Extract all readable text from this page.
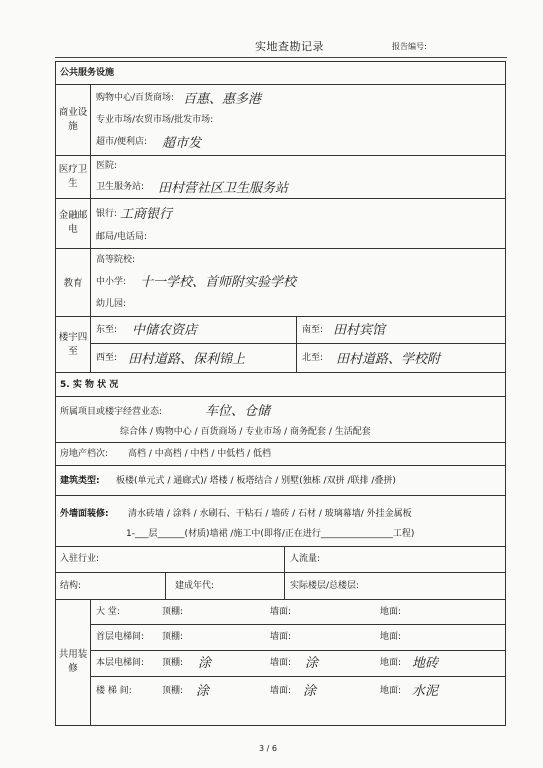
实地查勘记录	报告编号:
公共服务设施
商业设施
购物中心/百货商场: 百惠、惠多港
专业市场/农贸市场/批发市场:
超市/便利店: 超市发
医疗卫生
医院:
卫生服务站: 田村营社区卫生服务站
金融邮电
银行: 工商银行
邮局/电话局:
教育
高等院校:
中小学: 十一学校、首师附实验学校
幼儿园:
楼宇四至
东至: 中储农资店	南至: 田村宾馆
西至: 田村道路、保利锦上	北至: 田村道路、学校附
5. 实 物 状 况
所属项目或楼宇经营业态:	车位、仓储
综合体 / 购物中心 / 百货商场 / 专业市场 / 商务配套 / 生活配套
房地产档次: 高档 / 中高档 / 中档 / 中低档 / 低档
建筑类型: 板楼(单元式 / 通廊式)/ 塔楼 / 板塔结合 / 别墅(独栋 /双拼 /联排 /叠拼)
外墙面装修: 清水砖墙 / 涂料 / 水刷石、干粘石 / 墙砖 / 石材 / 玻璃幕墙/ 外挂金属板
1-___层______(材质)墙裙 /施工中(即将/正在进行________________工程)
入驻行业:	人流量:
结构:	建成年代:	实际楼层/总楼层:
共用装修
大 堂:	顶棚:	墙面:	地面:
首层电梯间: 顶棚:	墙面:	地面:
本层电梯间: 顶棚: 涂	墙面: 涂	地面: 地砖
楼 梯 间:	顶棚: 涂	墙面: 涂	地面: 水泥
3 / 6
